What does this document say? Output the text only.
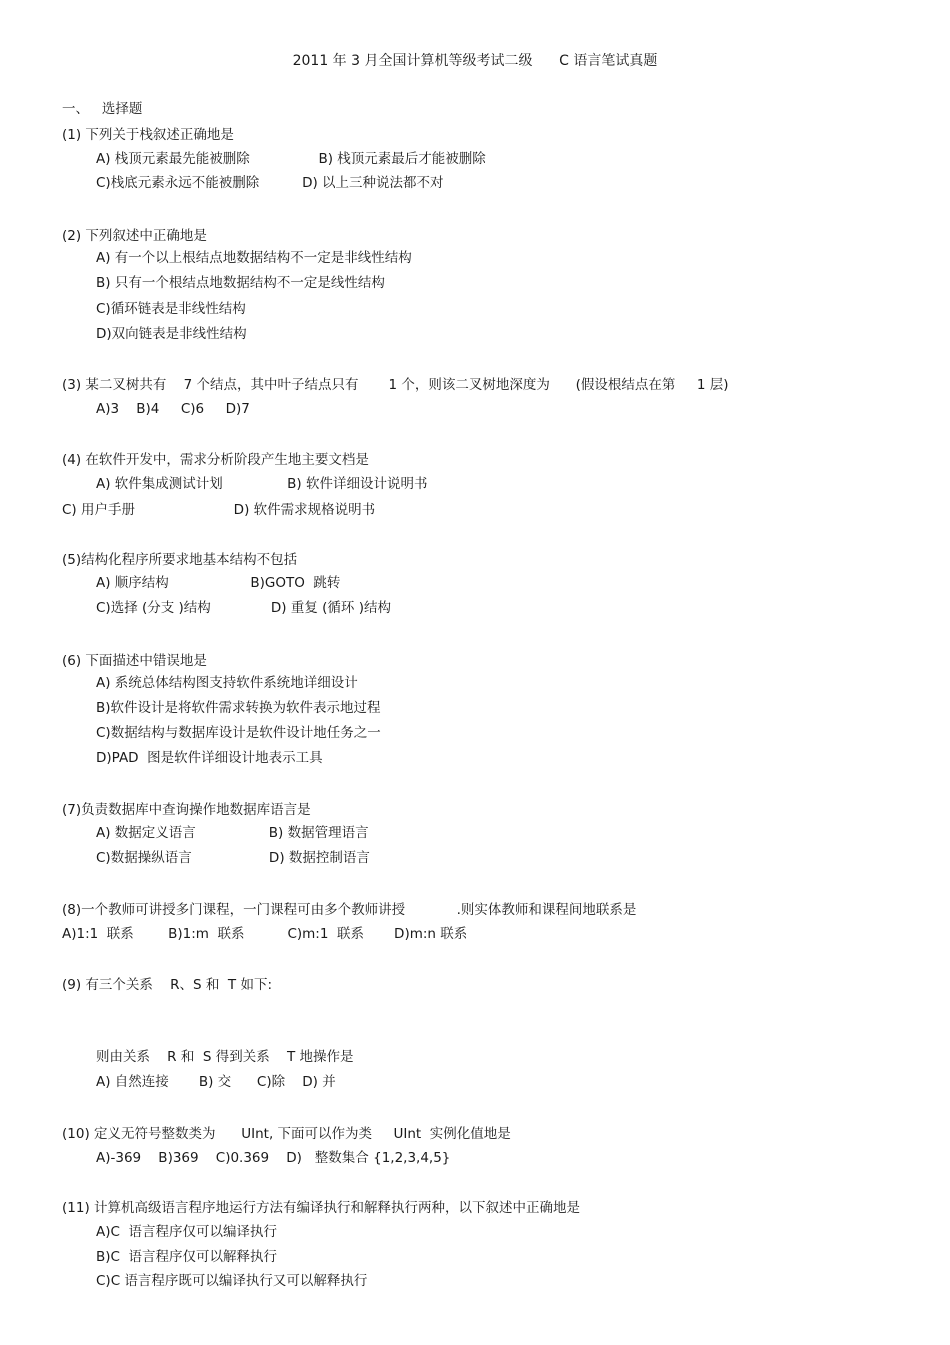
2011 年 3 月全国计算机等级考试二级      C 语言笔试真题
一、   选择题
(1) 下列关于栈叙述正确地是
A) 栈顶元素最先能被删除                B) 栈顶元素最后才能被删除
C)栈底元素永远不能被删除          D) 以上三种说法都不对
(2) 下列叙述中正确地是
A) 有一个以上根结点地数据结构不一定是非线性结构
B) 只有一个根结点地数据结构不一定是线性结构
C)循环链表是非线性结构
D)双向链表是非线性结构
(3) 某二叉树共有    7 个结点，其中叶子结点只有       1 个，则该二叉树地深度为      (假设根结点在第     1 层)
A)3    B)4     C)6     D)7
(4) 在软件开发中，需求分析阶段产生地主要文档是
A) 软件集成测试计划               B) 软件详细设计说明书
C) 用户手册                       D) 软件需求规格说明书
(5)结构化程序所要求地基本结构不包括
A) 顺序结构                   B)GOTO  跳转
C)选择 (分支 )结构              D) 重复 (循环 )结构
(6) 下面描述中错误地是
A) 系统总体结构图支持软件系统地详细设计
B)软件设计是将软件需求转换为软件表示地过程
C)数据结构与数据库设计是软件设计地任务之一
D)PAD  图是软件详细设计地表示工具
(7)负责数据库中查询操作地数据库语言是
A) 数据定义语言                 B) 数据管理语言
C)数据操纵语言                  D) 数据控制语言
(8)一个教师可讲授多门课程，一门课程可由多个教师讲授            .则实体教师和课程间地联系是
A)1:1  联系        B)1:m  联系          C)m:1  联系       D)m:n 联系
(9) 有三个关系    R、S 和  T 如下:
则由关系    R 和  S 得到关系    T 地操作是
A) 自然连接       B) 交      C)除    D) 并
(10) 定义无符号整数类为      UInt, 下面可以作为类     UInt  实例化值地是
A)-369    B)369    C)0.369    D)   整数集合 {1,2,3,4,5}
(11) 计算机高级语言程序地运行方法有编译执行和解释执行两种，以下叙述中正确地是
A)C  语言程序仅可以编译执行
B)C  语言程序仅可以解释执行
C)C 语言程序既可以编译执行又可以解释执行
